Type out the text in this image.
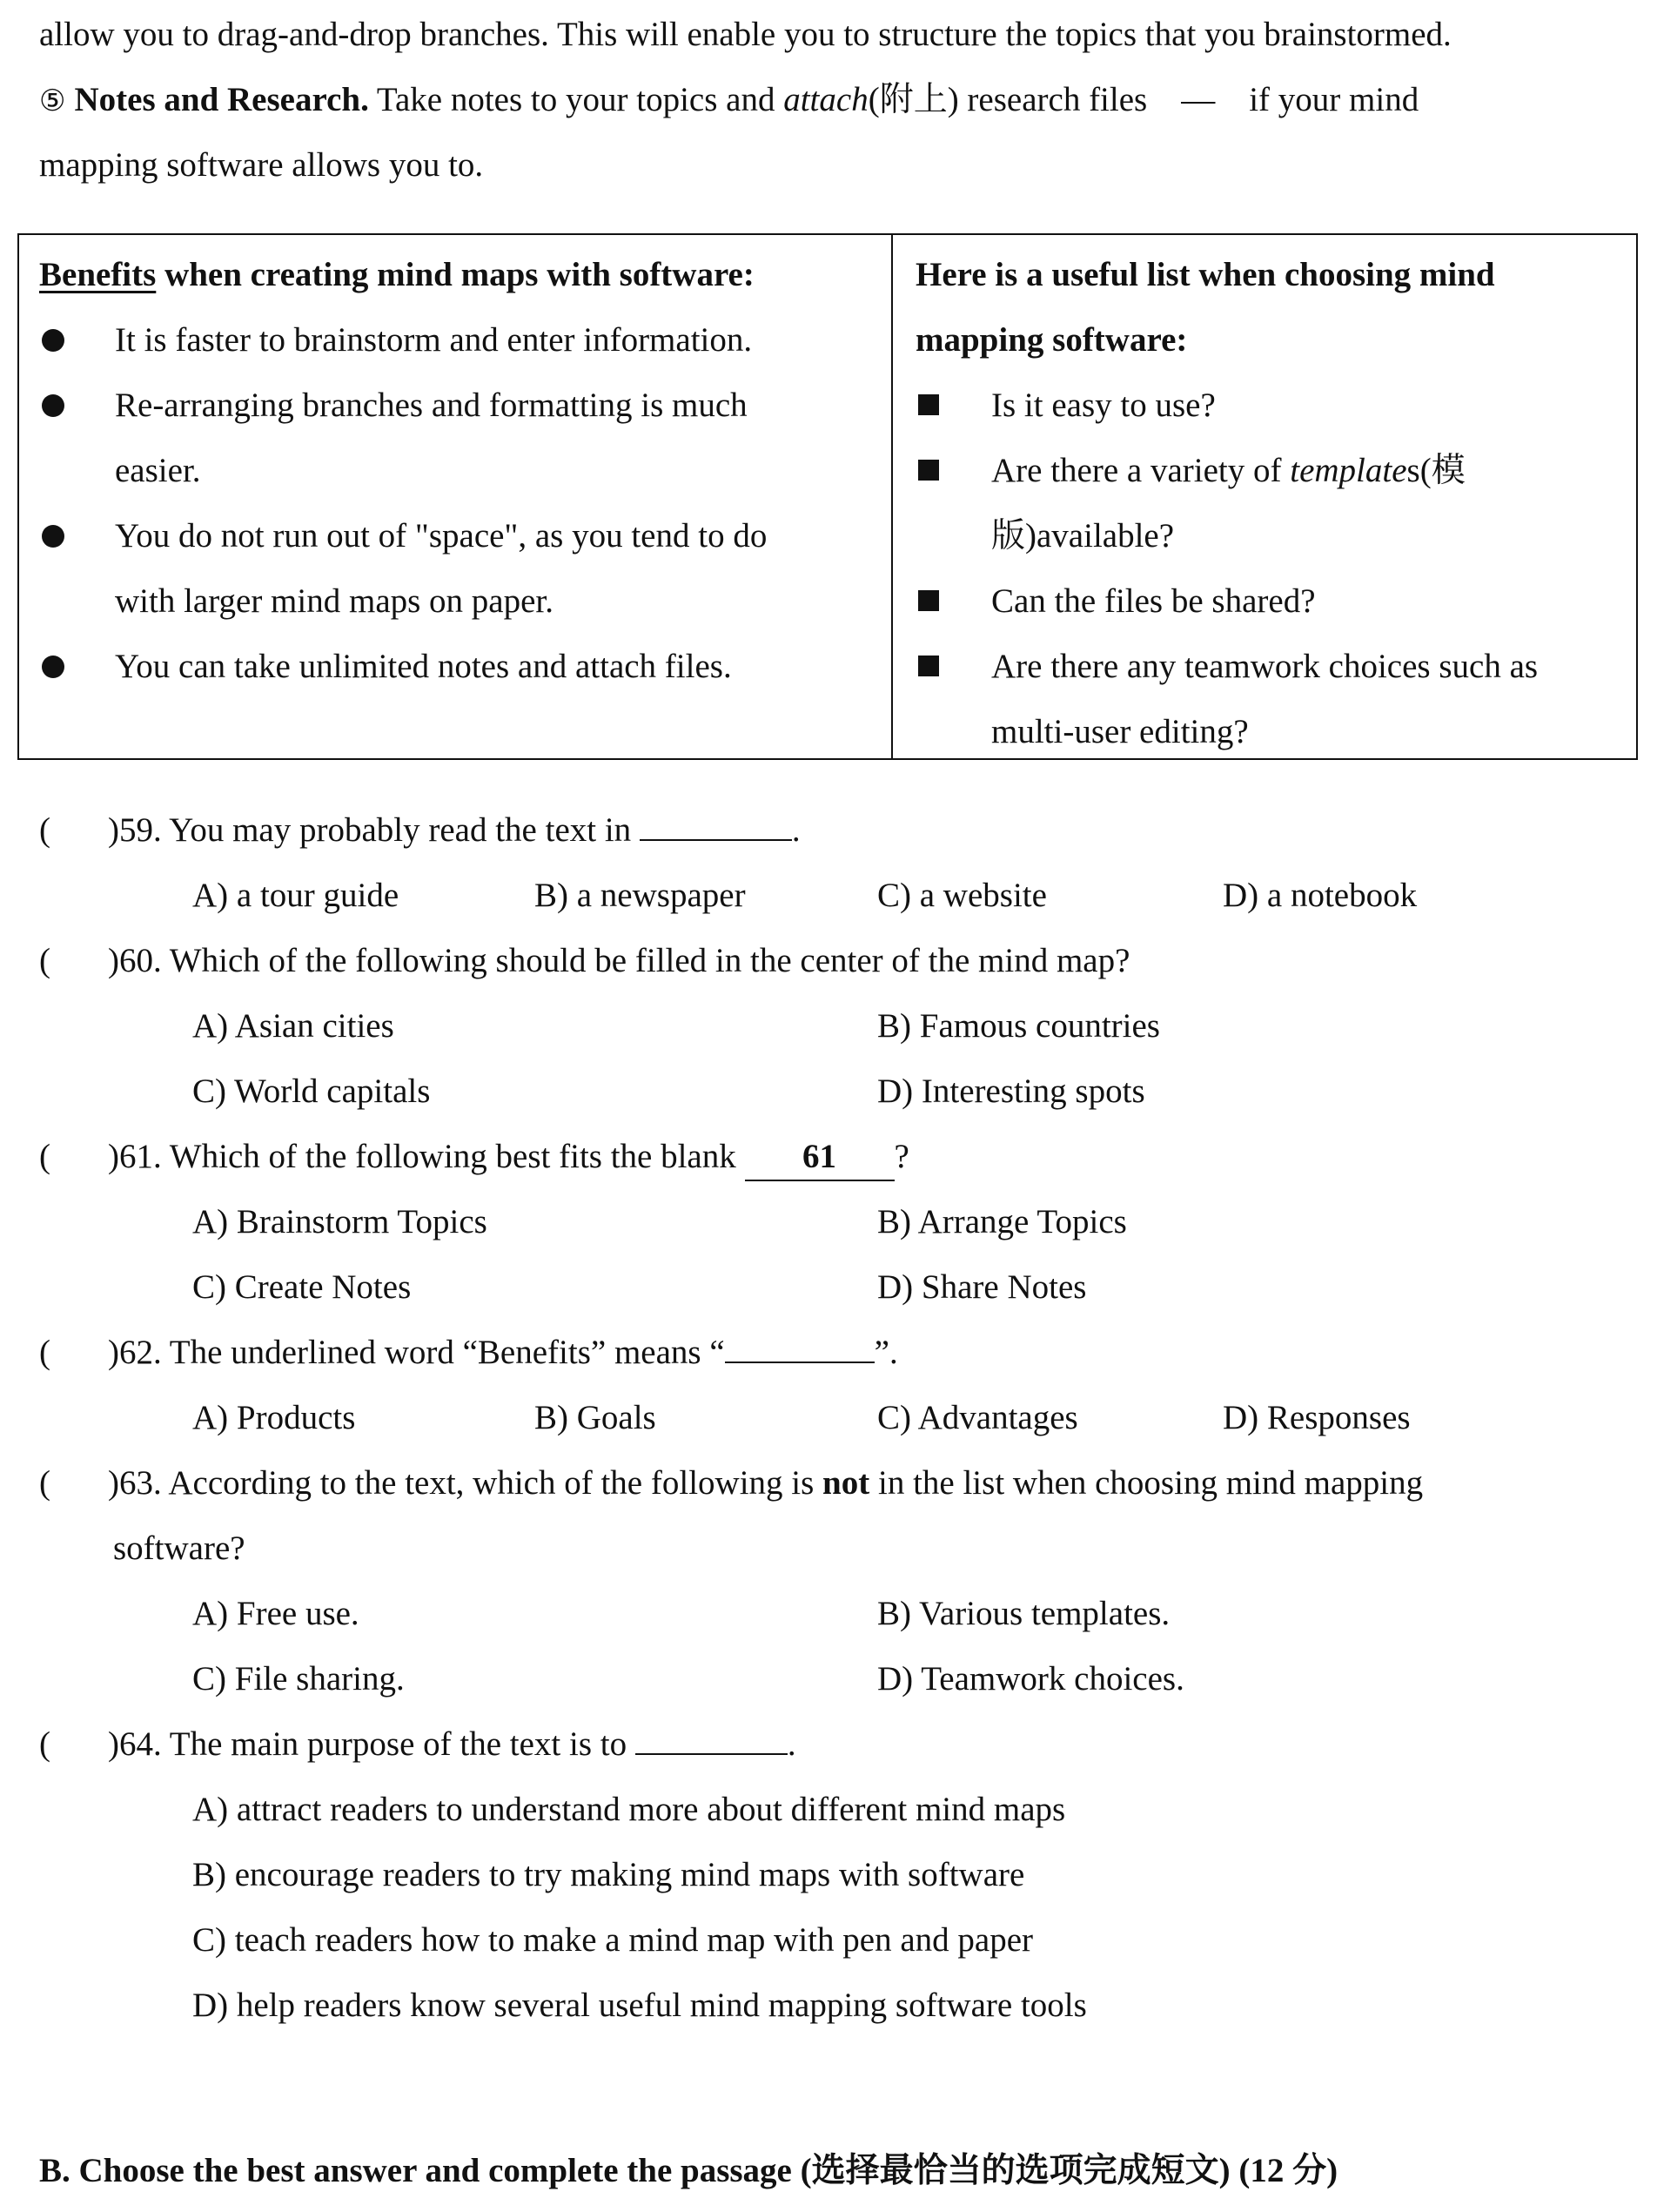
allow you to drag-and-drop branches. This will enable you to structure the topics that you brainstormed.
⑤ Notes and Research. Take notes to your topics and attach(附上) research files　—　if your mind
mapping software allows you to.
Benefits when creating mind maps with software:
It is faster to brainstorm and enter information.
Re-arranging branches and formatting is much
easier.
You do not run out of "space", as you tend to do
with larger mind maps on paper.
You can take unlimited notes and attach files.
Here is a useful list when choosing mind
mapping software:
Is it easy to use?
Are there a variety of templates(模
版)available?
Can the files be shared?
Are there any teamwork choices such as
multi-user editing?
( )59. You may probably read the text in	.
A) a tour guide	B) a newspaper	C) a website	D) a notebook
( )60. Which of the following should be filled in the center of the mind map?
A) Asian cities	B) Famous countries
C) World capitals	D) Interesting spots
( )61. Which of the following best fits the blank 61 ?
A) Brainstorm Topics	B) Arrange Topics
C) Create Notes	D) Share Notes
( )62. The underlined word “Benefits” means “	”.
A) Products	B) Goals	C) Advantages	D) Responses
( )63. According to the text, which of the following is not in the list when choosing mind mapping
software?
A) Free use.	B) Various templates.
C) File sharing.	D) Teamwork choices.
( )64. The main purpose of the text is to	.
A) attract readers to understand more about different mind maps
B) encourage readers to try making mind maps with software
C) teach readers how to make a mind map with pen and paper
D) help readers know several useful mind mapping software tools
B. Choose the best answer and complete the passage (选择最恰当的选项完成短文) (12 分)
